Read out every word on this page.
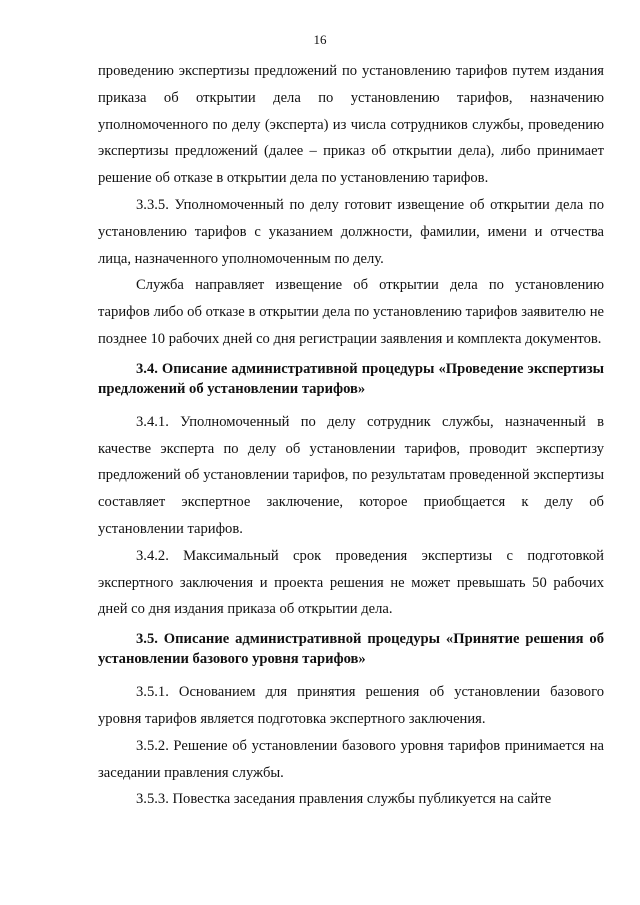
16

проведению экспертизы предложений по установлению тарифов путем издания приказа об открытии дела по установлению тарифов, назначению уполномоченного по делу (эксперта) из числа сотрудников службы, проведению экспертизы предложений (далее – приказ об открытии дела), либо принимает решение об отказе в открытии дела по установлению тарифов.

3.3.5. Уполномоченный по делу готовит извещение об открытии дела по установлению тарифов с указанием должности, фамилии, имени и отчества лица, назначенного уполномоченным по делу.

Служба направляет извещение об открытии дела по установлению тарифов либо об отказе в открытии дела по установлению тарифов заявителю не позднее 10 рабочих дней со дня регистрации заявления и комплекта документов.

3.4. Описание административной процедуры «Проведение экспертизы предложений об установлении тарифов»

3.4.1. Уполномоченный по делу сотрудник службы, назначенный в качестве эксперта по делу об установлении тарифов, проводит экспертизу предложений об установлении тарифов, по результатам проведенной экспертизы составляет экспертное заключение, которое приобщается к делу об установлении тарифов.

3.4.2. Максимальный срок проведения экспертизы с подготовкой экспертного заключения и проекта решения не может превышать 50 рабочих дней со дня издания приказа об открытии дела.

3.5. Описание административной процедуры «Принятие решения об установлении базового уровня тарифов»

3.5.1. Основанием для принятия решения об установлении базового уровня тарифов является подготовка экспертного заключения.

3.5.2. Решение об установлении базового уровня тарифов принимается на заседании правления службы.

3.5.3. Повестка заседания правления службы публикуется на сайте
